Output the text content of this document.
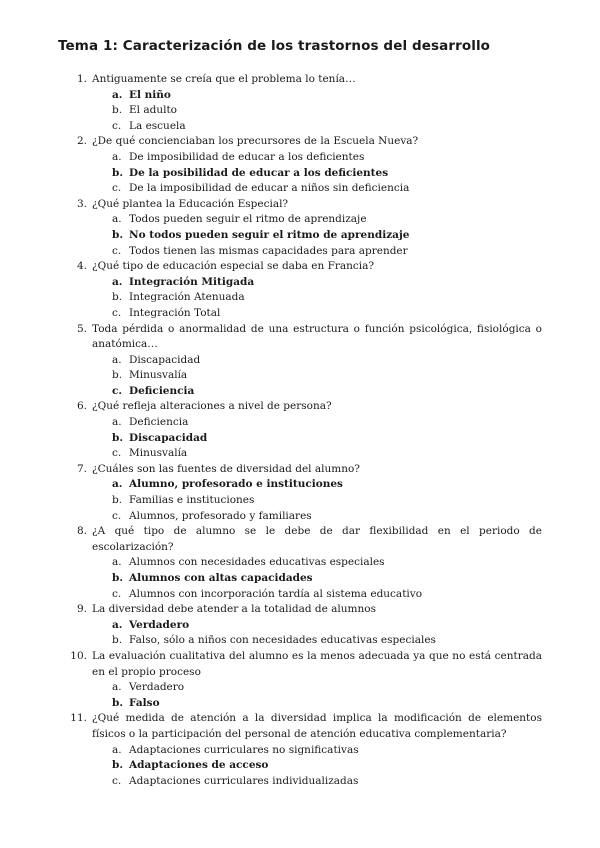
Tema 1: Caracterización de los trastornos del desarrollo
1. Antiguamente se creía que el problema lo tenía…
a. El niño
b. El adulto
c. La escuela
2. ¿De qué concienciaban los precursores de la Escuela Nueva?
a. De imposibilidad de educar a los deficientes
b. De la posibilidad de educar a los deficientes
c. De la imposibilidad de educar a niños sin deficiencia
3. ¿Qué plantea la Educación Especial?
a. Todos pueden seguir el ritmo de aprendizaje
b. No todos pueden seguir el ritmo de aprendizaje
c. Todos tienen las mismas capacidades para aprender
4. ¿Qué tipo de educación especial se daba en Francia?
a. Integración Mitigada
b. Integración Atenuada
c. Integración Total
5. Toda pérdida o anormalidad de una estructura o función psicológica, fisiológica o anatómica…
a. Discapacidad
b. Minusvalía
c. Deficiencia
6. ¿Qué refleja alteraciones a nivel de persona?
a. Deficiencia
b. Discapacidad
c. Minusvalía
7. ¿Cuáles son las fuentes de diversidad del alumno?
a. Alumno, profesorado e instituciones
b. Familias e instituciones
c. Alumnos, profesorado y familiares
8. ¿A qué tipo de alumno se le debe de dar flexibilidad en el periodo de escolarización?
a. Alumnos con necesidades educativas especiales
b. Alumnos con altas capacidades
c. Alumnos con incorporación tardía al sistema educativo
9. La diversidad debe atender a la totalidad de alumnos
a. Verdadero
b. Falso, sólo a niños con necesidades educativas especiales
10. La evaluación cualitativa del alumno es la menos adecuada ya que no está centrada en el propio proceso
a. Verdadero
b. Falso
11. ¿Qué medida de atención a la diversidad implica la modificación de elementos físicos o la participación del personal de atención educativa complementaria?
a. Adaptaciones curriculares no significativas
b. Adaptaciones de acceso
c. Adaptaciones curriculares individualizadas
